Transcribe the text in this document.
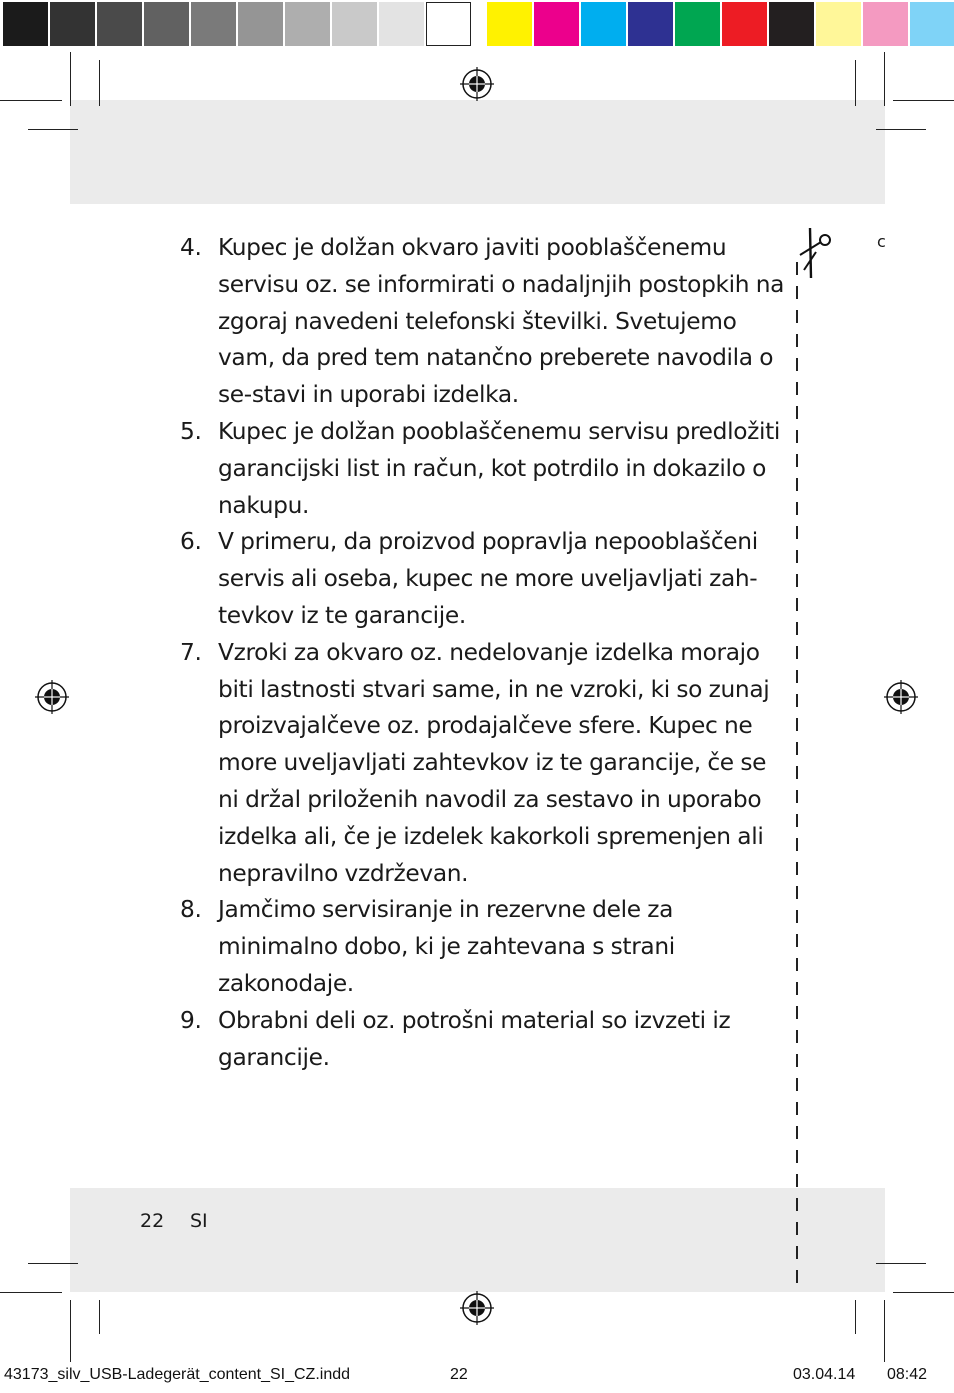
c
4. Kupec je dolžan okvaro javiti pooblaščenemu servisu oz. se informirati o nadaljnjih postopkih na zgoraj navedeni telefonski številki. Svetujemo vam, da pred tem natančno preberete navodila o se-stavi in uporabi izdelka.
5. Kupec je dolžan pooblaščenemu servisu predložiti garancijski list in račun, kot potrdilo in dokazilo o nakupu.
6. V primeru, da proizvod popravlja nepooblaščeni servis ali oseba, kupec ne more uveljavljati zah-tevkov iz te garancije.
7. Vzroki za okvaro oz. nedelovanje izdelka morajo biti lastnosti stvari same, in ne vzroki, ki so zunaj proizvajalčeve oz. prodajalčeve sfere. Kupec ne more uveljavljati zahtevkov iz te garancije, če se ni držal priloženih navodil za sestavo in uporabo izdelka ali, če je izdelek kakorkoli spremenjen ali nepravilno vzdrževan.
8. Jamčimo servisiranje in rezervne dele za minimalno dobo, ki je zahtevana s strani zakonodaje.
9. Obrabni deli oz. potrošni material so izvzeti iz garancije.
22 SI
43173_silv_USB-Ladegerät_content_SI_CZ.indd	22	03.04.14 08:42
